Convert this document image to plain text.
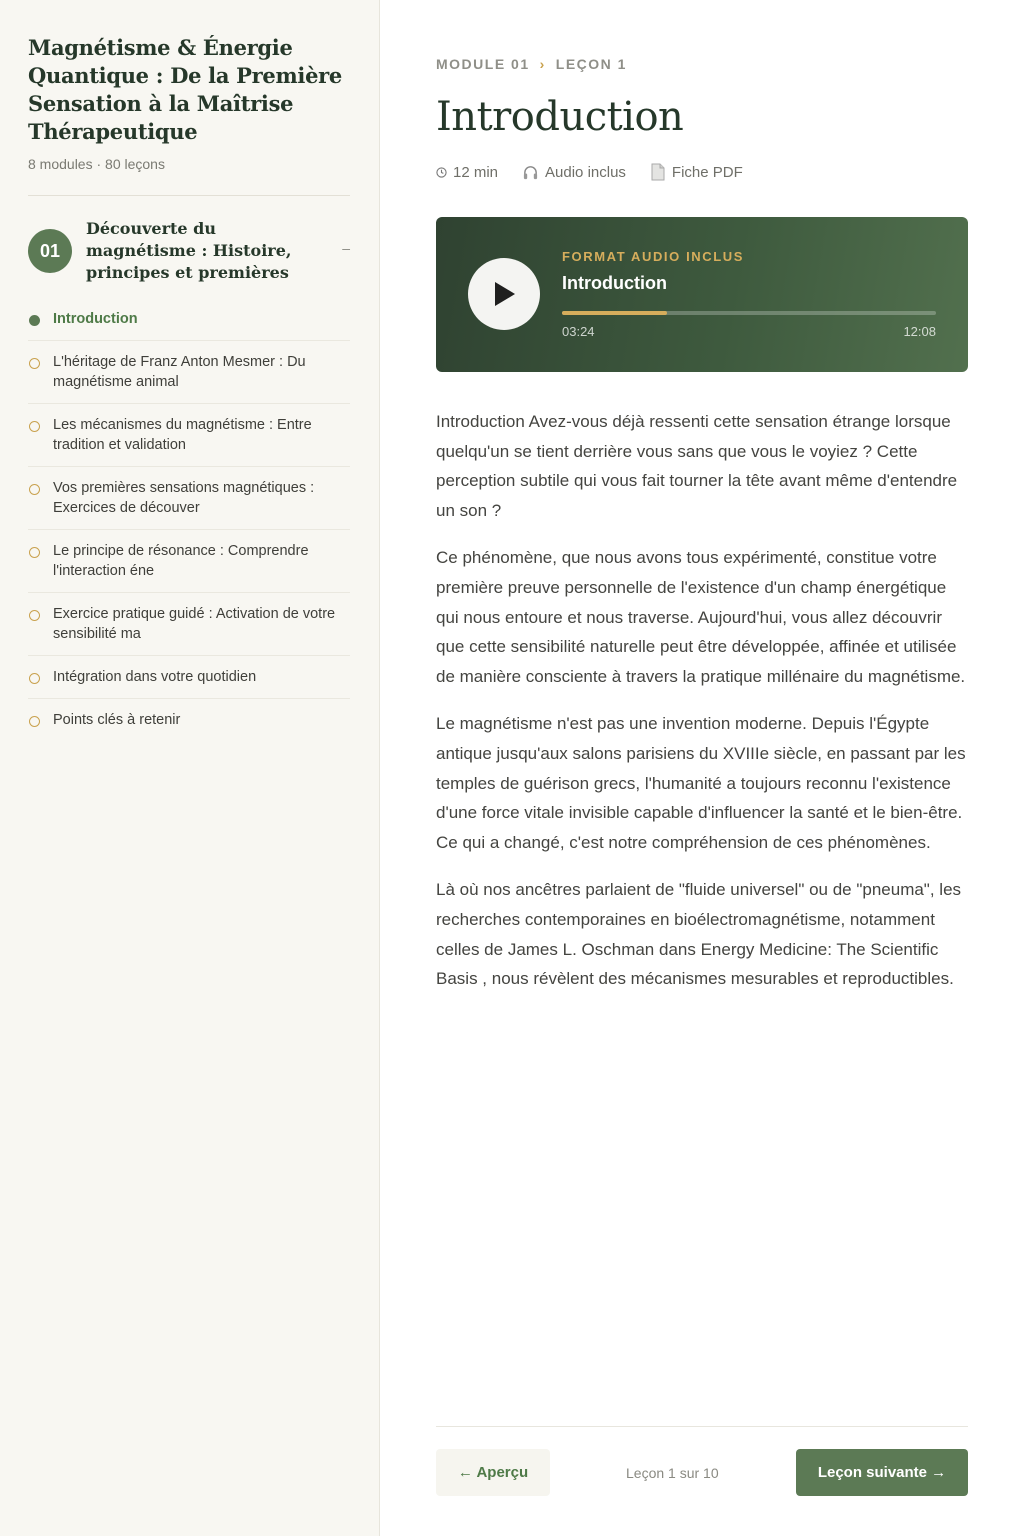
Magnétisme & Énergie Quantique : De la Première Sensation à la Maîtrise Thérapeutique
8 modules · 80 leçons
01
Découverte du magnétisme : Histoire, principes et premières
–
Introduction
L'héritage de Franz Anton Mesmer : Du magnétisme animal
Les mécanismes du magnétisme : Entre tradition et validation
Vos premières sensations magnétiques : Exercices de découver
Le principe de résonance : Comprendre l'interaction éne
Exercice pratique guidé : Activation de votre sensibilité ma
Intégration dans votre quotidien
Points clés à retenir
MODULE 01 › LEÇON 1
Introduction
12 min	Audio inclus	Fiche PDF
FORMAT AUDIO INCLUS
Introduction
03:24	12:08

Introduction Avez-vous déjà ressenti cette sensation étrange lorsque quelqu'un se tient derrière vous sans que vous le voyiez ? Cette perception subtile qui vous fait tourner la tête avant même d'entendre un son ?

Ce phénomène, que nous avons tous expérimenté, constitue votre première preuve personnelle de l'existence d'un champ énergétique qui nous entoure et nous traverse. Aujourd'hui, vous allez découvrir que cette sensibilité naturelle peut être développée, affinée et utilisée de manière consciente à travers la pratique millénaire du magnétisme.

Le magnétisme n'est pas une invention moderne. Depuis l'Égypte antique jusqu'aux salons parisiens du XVIIIe siècle, en passant par les temples de guérison grecs, l'humanité a toujours reconnu l'existence d'une force vitale invisible capable d'influencer la santé et le bien-être. Ce qui a changé, c'est notre compréhension de ces phénomènes.

Là où nos ancêtres parlaient de "fluide universel" ou de "pneuma", les recherches contemporaines en bioélectromagnétisme, notamment celles de James L. Oschman dans Energy Medicine: The Scientific Basis , nous révèlent des mécanismes mesurables et reproductibles.

← Aperçu	Leçon 1 sur 10	Leçon suivante →
